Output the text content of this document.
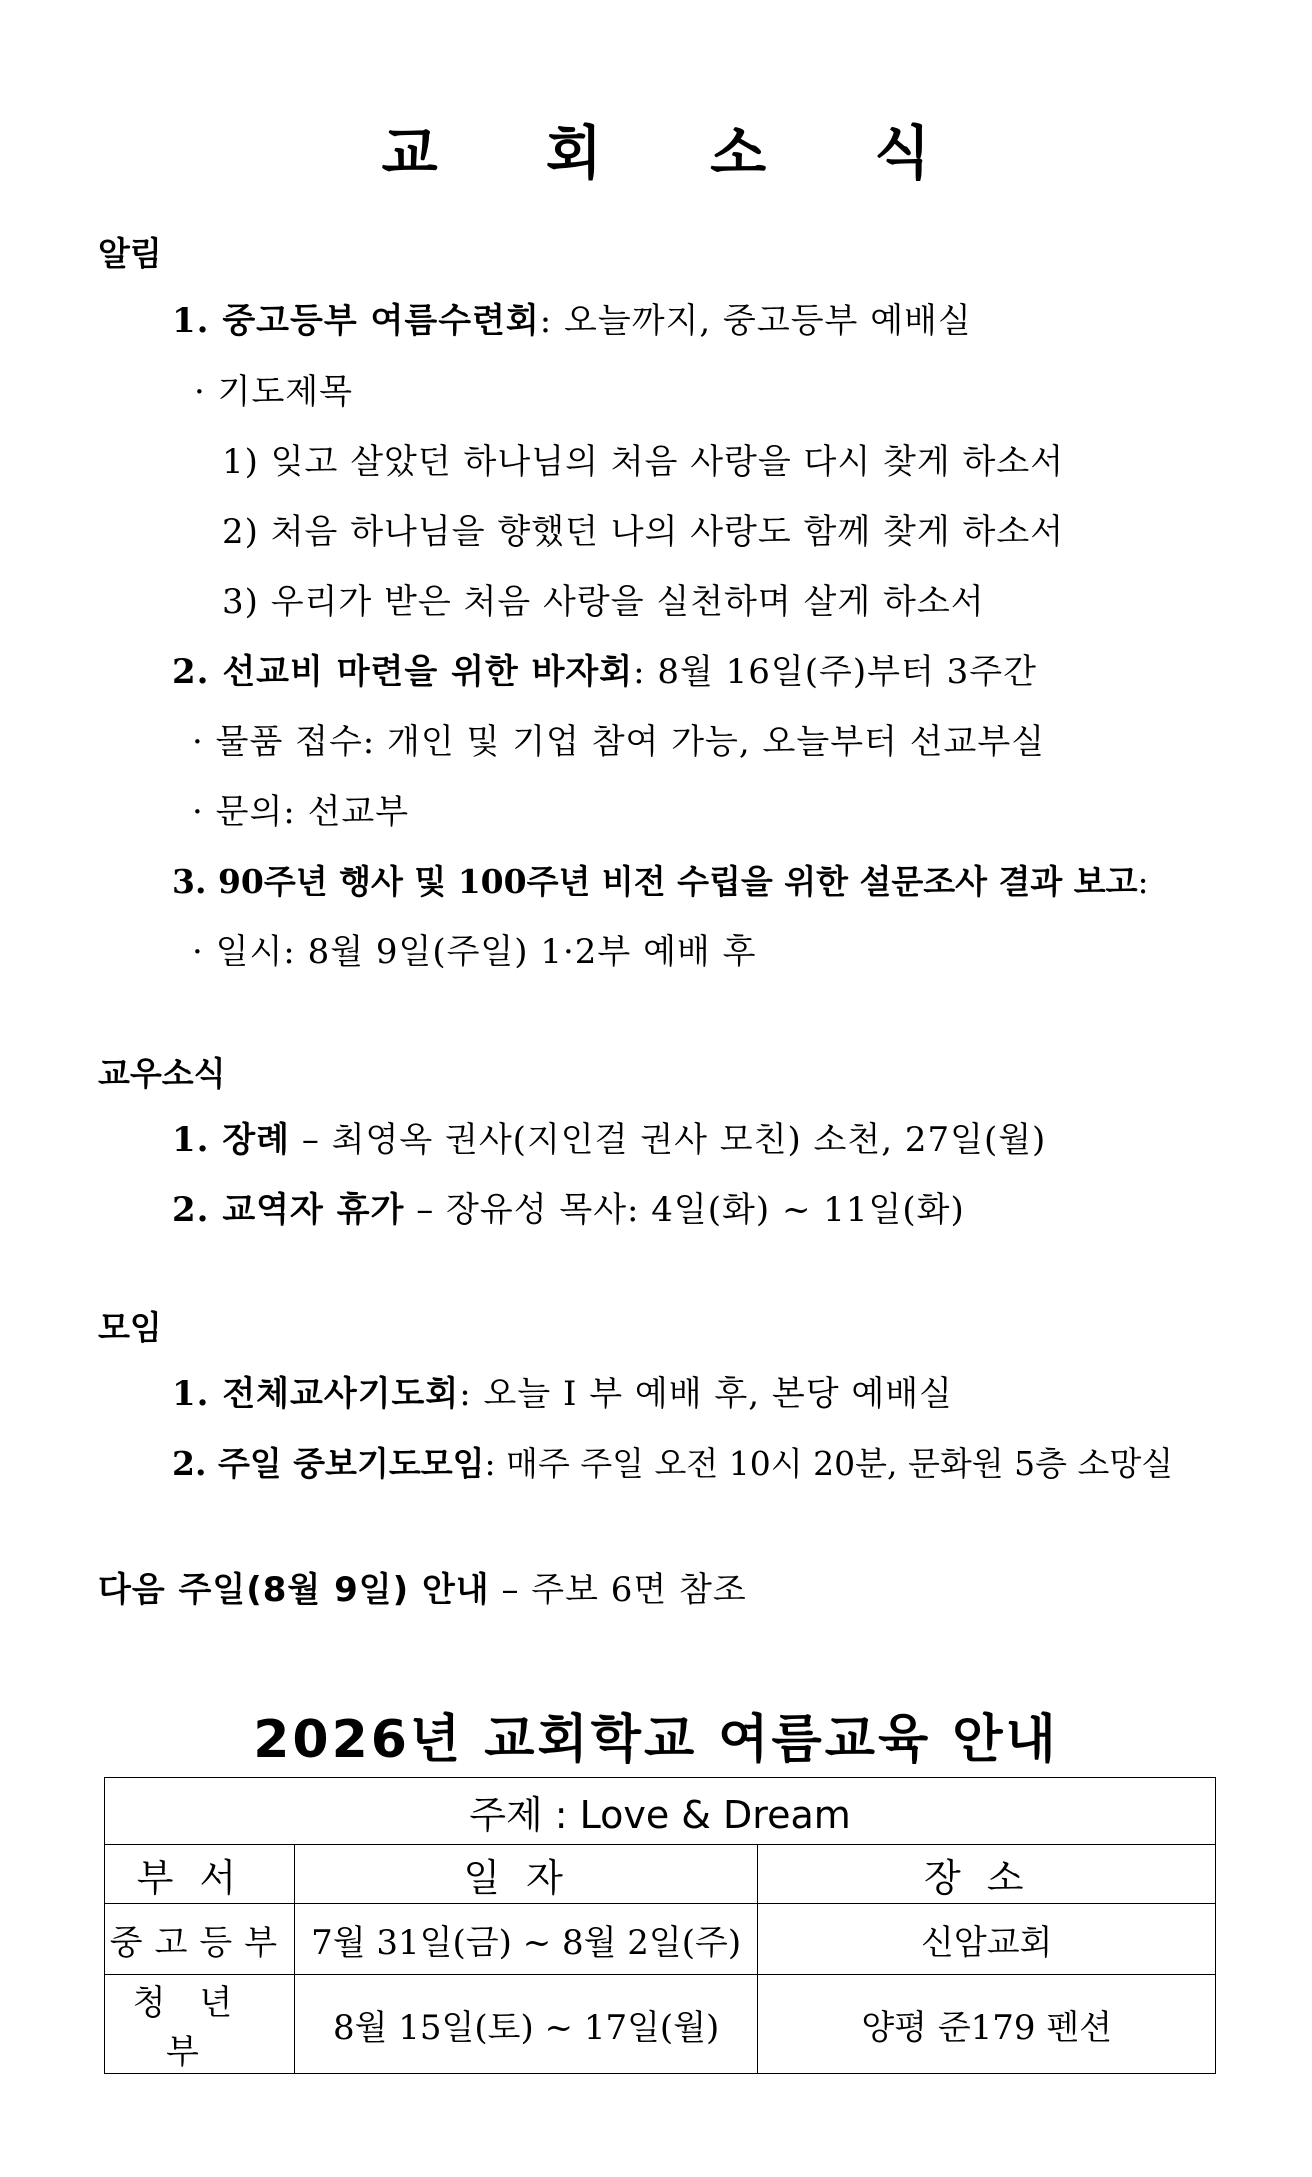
교 회 소 식
알림
1. 중고등부 여름수련회: 오늘까지, 중고등부 예배실
· 기도제목
1) 잊고 살았던 하나님의 처음 사랑을 다시 찾게 하소서
2) 처음 하나님을 향했던 나의 사랑도 함께 찾게 하소서
3) 우리가 받은 처음 사랑을 실천하며 살게 하소서
2. 선교비 마련을 위한 바자회: 8월 16일(주)부터 3주간
· 물품 접수: 개인 및 기업 참여 가능, 오늘부터 선교부실
· 문의: 선교부
3. 90주년 행사 및 100주년 비전 수립을 위한 설문조사 결과 보고:
· 일시: 8월 9일(주일) 1·2부 예배 후
교우소식
1. 장례 – 최영옥 권사(지인걸 권사 모친) 소천, 27일(월)
2. 교역자 휴가 – 장유성 목사: 4일(화) ~ 11일(화)
모임
1. 전체교사기도회: 오늘 I 부 예배 후, 본당 예배실
2. 주일 중보기도모임: 매주 주일 오전 10시 20분, 문화원 5층 소망실
다음 주일(8월 9일) 안내 – 주보 6면 참조
2026년 교회학교 여름교육 안내
주제 : Love & Dream		
부서	일자	장소
중고등부	7월 31일(금) ~ 8월 2일(주)	신암교회
청년부	8월 15일(토) ~ 17일(월)	양평 준179 펜션
